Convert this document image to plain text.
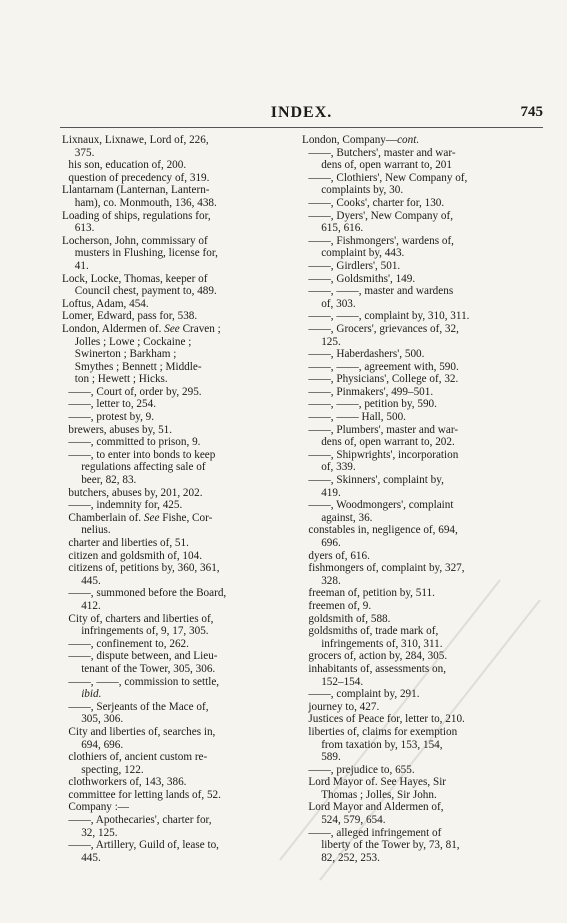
INDEX.	745
Lixnaux, Lixnawe, Lord of, 226,
375.
his son, education of, 200.
question of precedency of, 319.
Llantarnam (Lanternan, Lantern-
ham), co. Monmouth, 136, 438.
Loading of ships, regulations for,
613.
Locherson, John, commissary of
musters in Flushing, license for,
41.
Lock, Locke, Thomas, keeper of
Council chest, payment to, 489.
Loftus, Adam, 454.
Lomer, Edward, pass for, 538.
London, Aldermen of. See Craven ;
Jolles ; Lowe ; Cockaine ;
Swinerton ; Barkham ;
Smythes ; Bennett ; Middle-
ton ; Hewett ; Hicks.
——, Court of, order by, 295.
——, letter to, 254.
——, protest by, 9.
brewers, abuses by, 51.
——, committed to prison, 9.
——, to enter into bonds to keep
regulations affecting sale of
beer, 82, 83.
butchers, abuses by, 201, 202.
——, indemnity for, 425.
Chamberlain of. See Fishe, Cor-
nelius.
charter and liberties of, 51.
citizen and goldsmith of, 104.
citizens of, petitions by, 360, 361,
445.
——, summoned before the Board,
412.
City of, charters and liberties of,
infringements of, 9, 17, 305.
——, confinement to, 262.
——, dispute between, and Lieu-
tenant of the Tower, 305, 306.
——, ——, commission to settle,
ibid.
——, Serjeants of the Mace of,
305, 306.
City and liberties of, searches in,
694, 696.
clothiers of, ancient custom re-
specting, 122.
clothworkers of, 143, 386.
committee for letting lands of, 52.
Company :—
——, Apothecaries', charter for,
32, 125.
——, Artillery, Guild of, lease to,
445.
London, Company—cont.
——, Butchers', master and war-
dens of, open warrant to, 201
——, Clothiers', New Company of,
complaints by, 30.
——, Cooks', charter for, 130.
——, Dyers', New Company of,
615, 616.
——, Fishmongers', wardens of,
complaint by, 443.
——, Girdlers', 501.
——, Goldsmiths', 149.
——, ——, master and wardens
of, 303.
——, ——, complaint by, 310, 311.
——, Grocers', grievances of, 32,
125.
——, Haberdashers', 500.
——, ——, agreement with, 590.
——, Physicians', College of, 32.
——, Pinmakers', 499–501.
——, ——, petition by, 590.
——, —— Hall, 500.
——, Plumbers', master and war-
dens of, open warrant to, 202.
——, Shipwrights', incorporation
of, 339.
——, Skinners', complaint by,
419.
——, Woodmongers', complaint
against, 36.
constables in, negligence of, 694,
696.
dyers of, 616.
fishmongers of, complaint by, 327,
328.
freeman of, petition by, 511.
freemen of, 9.
goldsmith of, 588.
goldsmiths of, trade mark of,
infringements of, 310, 311.
grocers of, action by, 284, 305.
inhabitants of, assessments on,
152–154.
——, complaint by, 291.
journey to, 427.
Justices of Peace for, letter to, 210.
liberties of, claims for exemption
from taxation by, 153, 154,
589.
——, prejudice to, 655.
Lord Mayor of. See Hayes, Sir
Thomas ; Jolles, Sir John.
Lord Mayor and Aldermen of,
524, 579, 654.
——, alleged infringement of
liberty of the Tower by, 73, 81,
82, 252, 253.
